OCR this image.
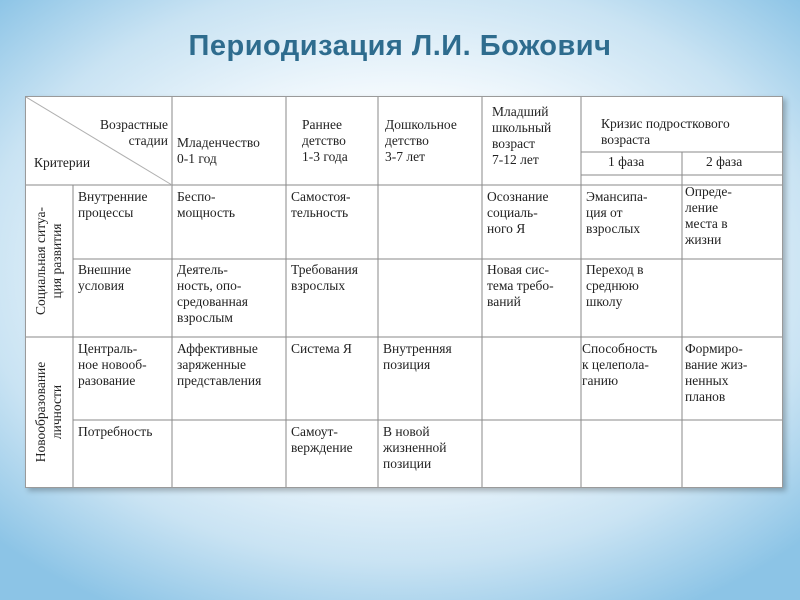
Периодизация Л.И. Божович
Возрастные
стадии
Критерии
Младенчество
0-1 год
Раннее
детство
1-3 года
Дошкольное
детство
3-7 лет
Младший
школьный
возраст
7-12 лет
Кризис подросткового
возраста
1 фаза	2 фаза
Социальная ситуа-
ция развития
Новообразование
личности
Внутренние
процессы
Беспо-
мощность
Самостоя-
тельность
Осознание
социаль-
ного Я
Эмансипа-
ция от
взрослых
Опреде-
ление
места в
жизни
Внешние
условия
Деятель-
ность, опо-
средованная
взрослым
Требования
взрослых
Новая сис-
тема требо-
ваний
Переход в
среднюю
школу
Централь-
ное новооб-
разование
Аффективные
заряженные
представления
Система Я Внутренняя
позиция
Способность
к целепола-
ганию
Формиро-
вание жиз-
ненных
планов
Потребность	Самоут-
верждение
В новой
жизненной
позиции
